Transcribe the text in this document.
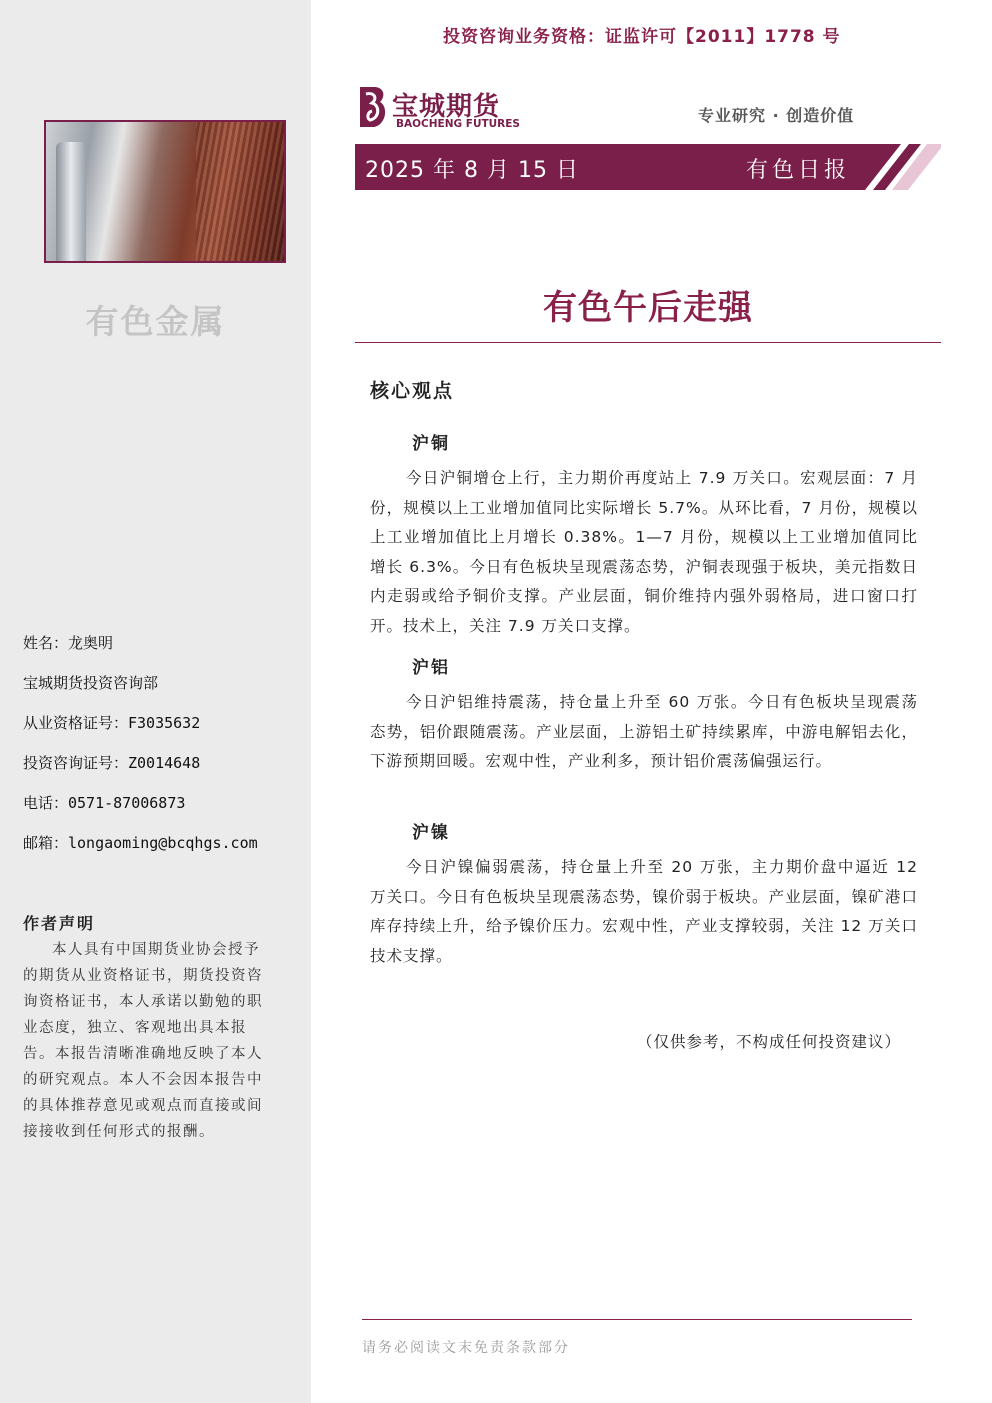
有色金属
姓名：龙奥明
宝城期货投资咨询部
从业资格证号：F3035632
投资咨询证号：Z0014648
电话：0571-87006873
邮箱：longaoming@bcqhgs.com
作者声明
本人具有中国期货业协会授予的期货从业资格证书，期货投资咨询资格证书，本人承诺以勤勉的职业态度，独立、客观地出具本报告。本报告清晰准确地反映了本人的研究观点。本人不会因本报告中的具体推荐意见或观点而直接或间接接收到任何形式的报酬。
投资咨询业务资格：证监许可【2011】1778 号
宝城期货
BAOCHENG FUTURES	专业研究 · 创造价值
2025 年 8 月 15 日	有色日报
有色午后走强
核心观点
沪铜
今日沪铜增仓上行，主力期价再度站上 7.9 万关口。宏观层面：7 月份，规模以上工业增加值同比实际增长 5.7%。从环比看，7 月份，规模以上工业增加值比上月增长 0.38%。1—7 月份，规模以上工业增加值同比增长 6.3%。今日有色板块呈现震荡态势，沪铜表现强于板块，美元指数日内走弱或给予铜价支撑。产业层面，铜价维持内强外弱格局，进口窗口打开。技术上，关注 7.9 万关口支撑。
沪铝
今日沪铝维持震荡，持仓量上升至 60 万张。今日有色板块呈现震荡态势，铝价跟随震荡。产业层面，上游铝土矿持续累库，中游电解铝去化，下游预期回暖。宏观中性，产业利多，预计铝价震荡偏强运行。
沪镍
今日沪镍偏弱震荡，持仓量上升至 20 万张，主力期价盘中逼近 12 万关口。今日有色板块呈现震荡态势，镍价弱于板块。产业层面，镍矿港口库存持续上升，给予镍价压力。宏观中性，产业支撑较弱，关注 12 万关口技术支撑。
（仅供参考，不构成任何投资建议）
请务必阅读文末免责条款部分
